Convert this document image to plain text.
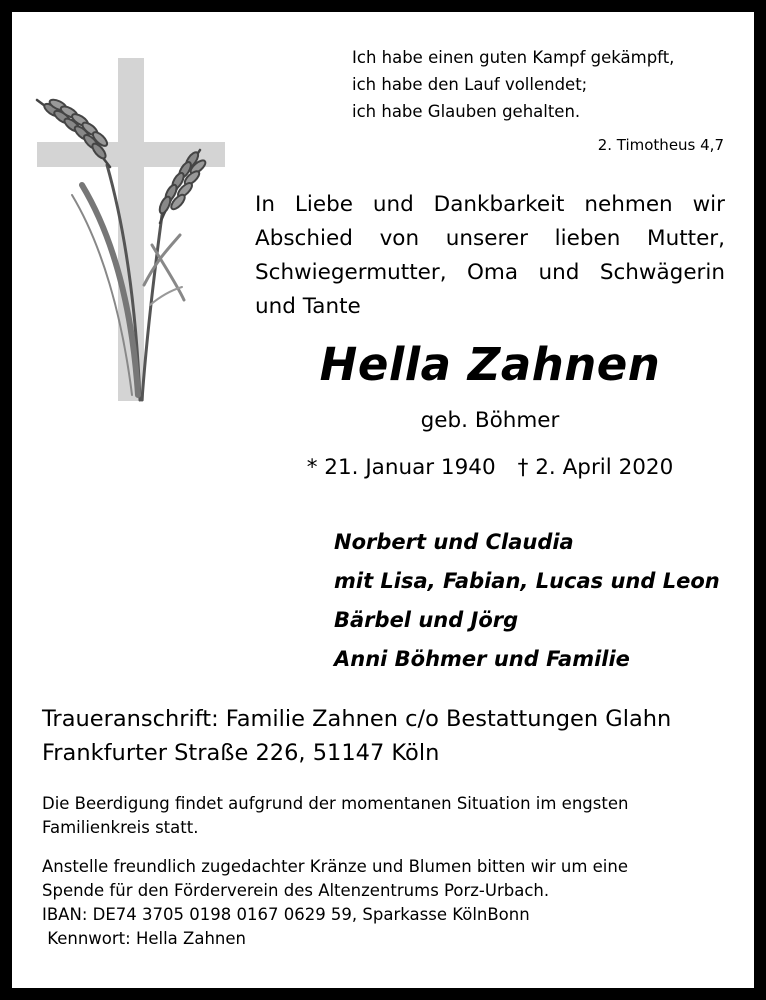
Ich habe einen guten Kampf gekämpft,
ich habe den Lauf vollendet;
ich habe Glauben gehalten.
2. Timotheus 4,7
In Liebe und Dankbarkeit nehmen wir
Abschied von unserer lieben Mutter,
Schwiegermutter, Oma und Schwägerin
und Tante
Hella Zahnen
geb. Böhmer
* 21. Januar 1940 † 2. April 2020
Norbert und Claudia
mit Lisa, Fabian, Lucas und Leon
Bärbel und Jörg
Anni Böhmer und Familie
Traueranschrift: Familie Zahnen c/o Bestattungen Glahn
Frankfurter Straße 226, 51147 Köln
Die Beerdigung findet aufgrund der momentanen Situation im engsten
Familienkreis statt.
Anstelle freundlich zugedachter Kränze und Blumen bitten wir um eine
Spende für den Förderverein des Altenzentrums Porz-Urbach.
IBAN: DE74 3705 0198 0167 0629 59, Sparkasse KölnBonn
Kennwort: Hella Zahnen
